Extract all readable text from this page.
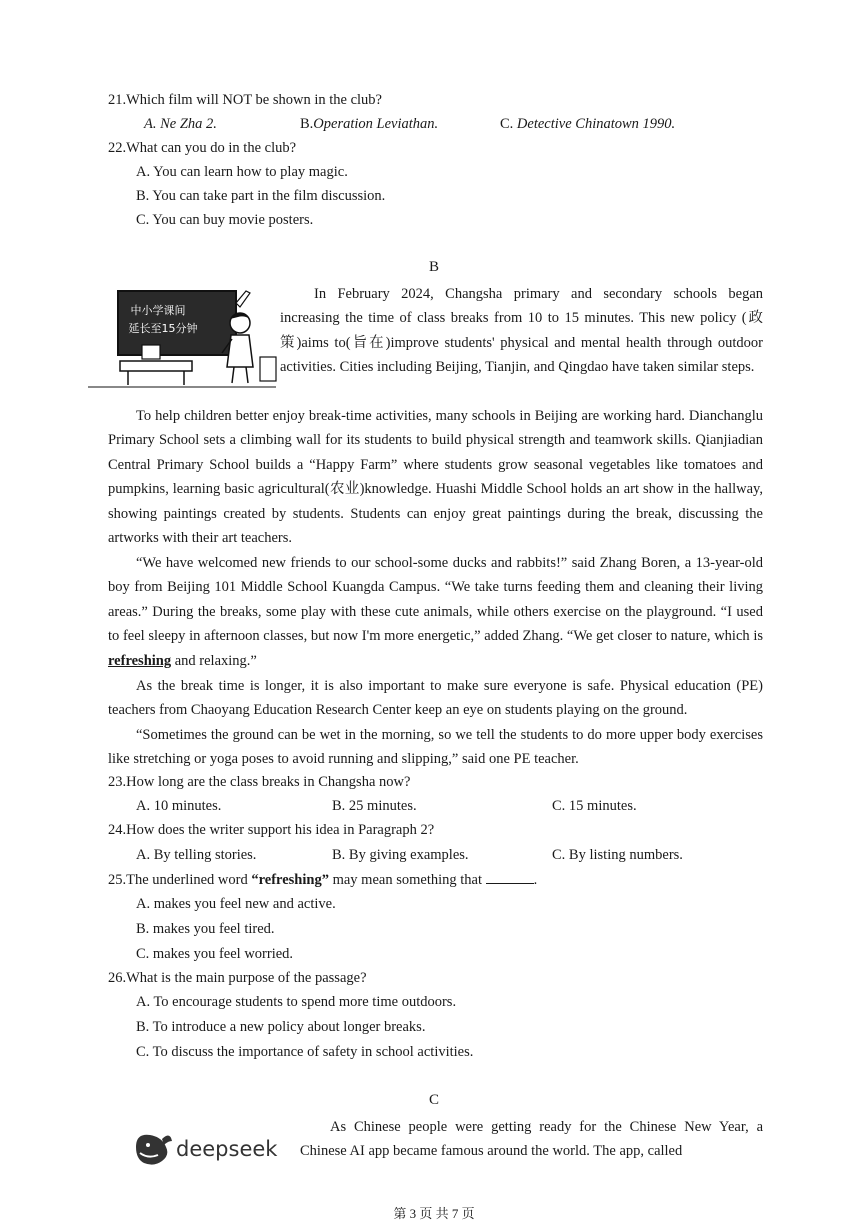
21.Which film will NOT be shown in the club?
A. Ne Zha 2.	B.Operation Leviathan.	C. Detective Chinatown 1990.
22.What can you do in the club?
A. You can learn how to play magic.
B. You can take part in the film discussion.
C. You can buy movie posters.
B
中小学课间
延长至15分钟
In February 2024, Changsha primary and secondary schools began increasing the time of class breaks from 10 to 15 minutes. This new policy (政策)aims to(旨在)improve students' physical and mental health through outdoor activities. Cities including Beijing, Tianjin, and Qingdao have taken similar steps.
To help children better enjoy break-time activities, many schools in Beijing are working hard. Dianchanglu Primary School sets a climbing wall for its students to build physical strength and teamwork skills. Qianjiadian Central Primary School builds a “Happy Farm” where students grow seasonal vegetables like tomatoes and pumpkins, learning basic agricultural(农业)knowledge. Huashi Middle School holds an art show in the hallway, showing paintings created by students. Students can enjoy great paintings during the break, discussing the artworks with their art teachers.
“We have welcomed new friends to our school-some ducks and rabbits!” said Zhang Boren, a 13-year-old boy from Beijing 101 Middle School Kuangda Campus. “We take turns feeding them and cleaning their living areas.” During the breaks, some play with these cute animals, while others exercise on the playground. “I used to feel sleepy in afternoon classes, but now I'm more energetic,” added Zhang. “We get closer to nature, which is refreshing and relaxing.”
As the break time is longer, it is also important to make sure everyone is safe. Physical education (PE) teachers from Chaoyang Education Research Center keep an eye on students playing on the ground.
“Sometimes the ground can be wet in the morning, so we tell the students to do more upper body exercises like stretching or yoga poses to avoid running and slipping,” said one PE teacher.
23.How long are the class breaks in Changsha now?
A. 10 minutes.	B. 25 minutes.	C. 15 minutes.
24.How does the writer support his idea in Paragraph 2?
A. By telling stories.	B. By giving examples.	C. By listing numbers.
25.The underlined word “refreshing” may mean something that	.
A. makes you feel new and active.
B. makes you feel tired.
C. makes you feel worried.
26.What is the main purpose of the passage?
A. To encourage students to spend more time outdoors.
B. To introduce a new policy about longer breaks.
C. To discuss the importance of safety in school activities.
C
deepseek
As Chinese people were getting ready for the Chinese New Year, a Chinese AI app became famous around the world. The app, called
第 3 页 共 7 页
